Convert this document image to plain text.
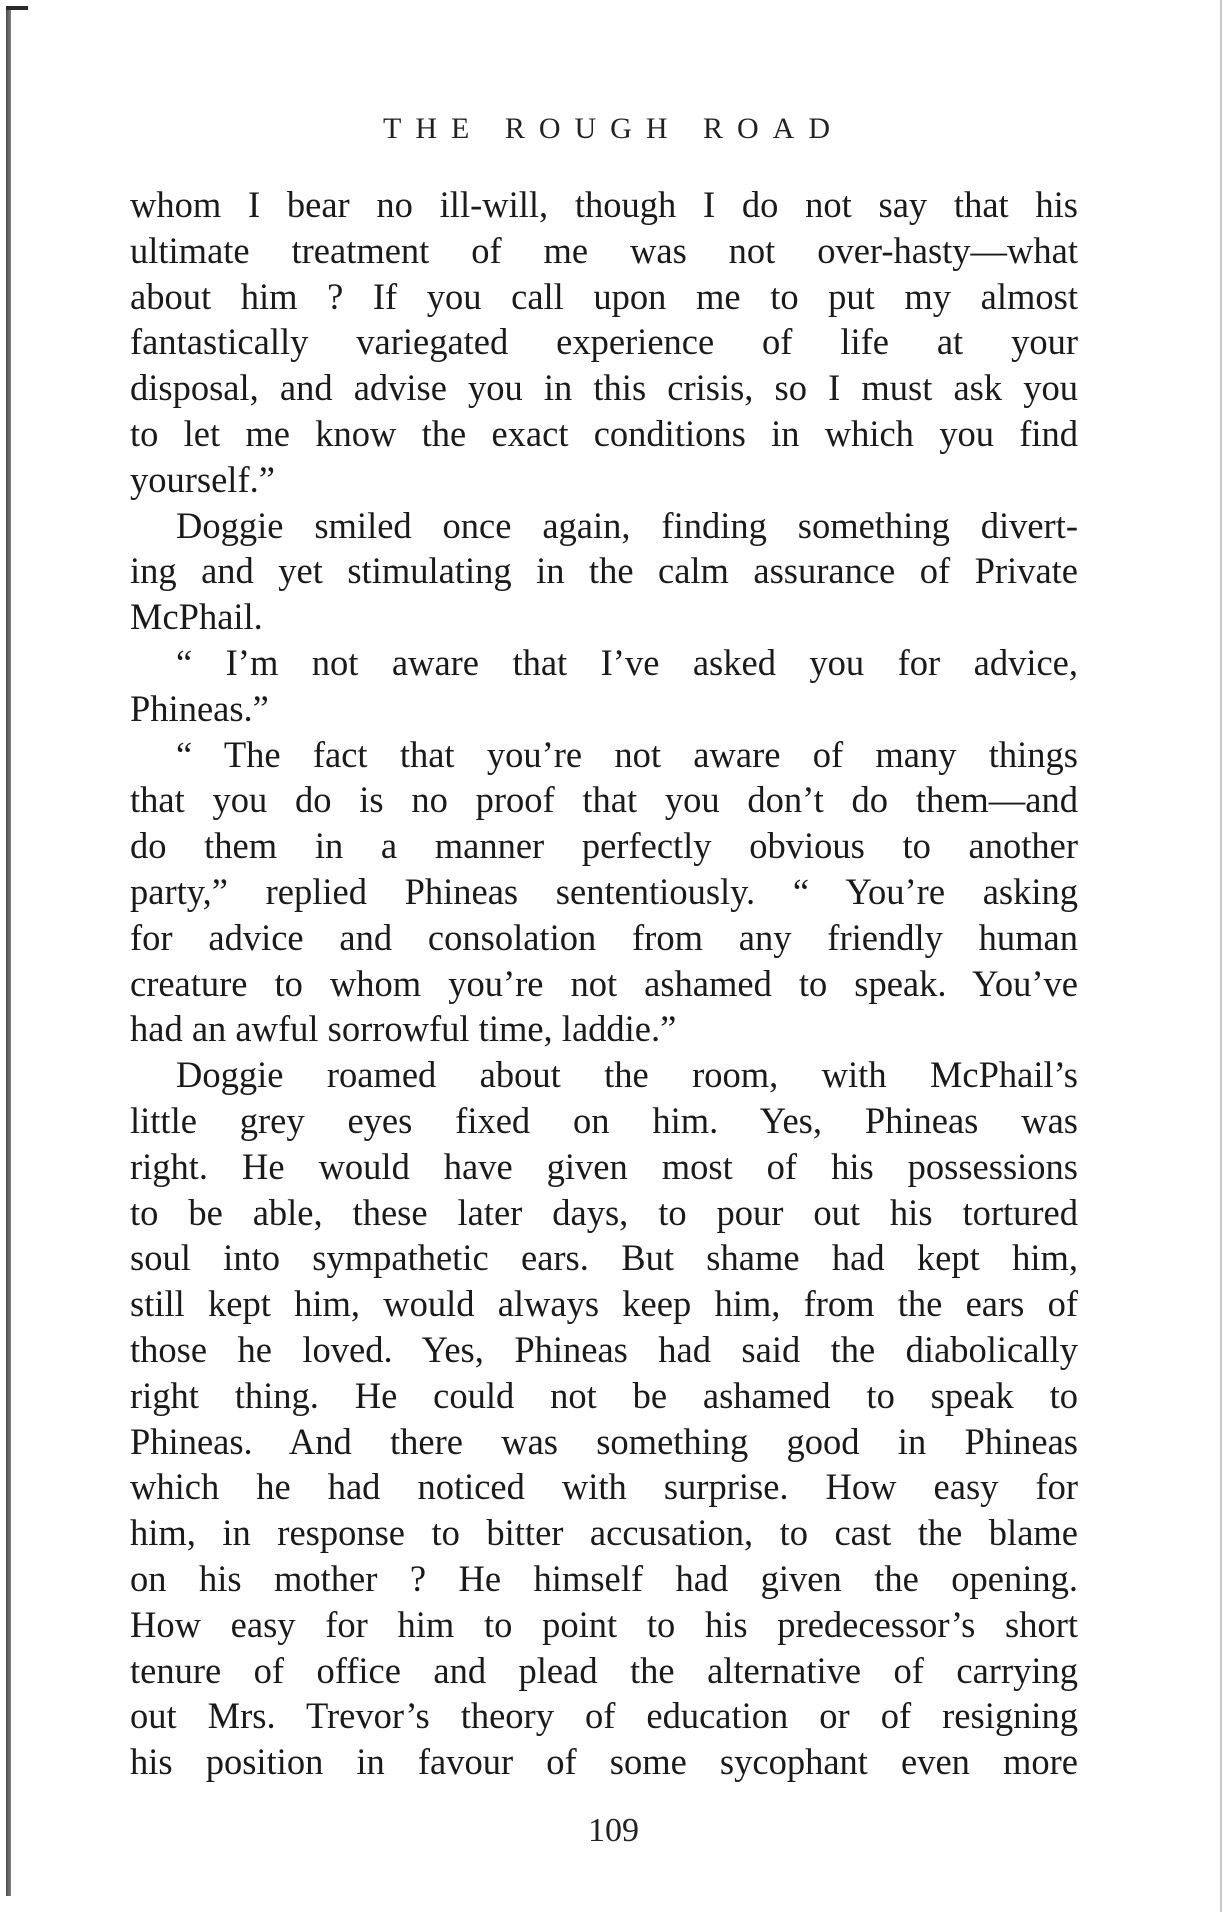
THE ROUGH ROAD
whom I bear no ill-will, though I do not say that his
ultimate treatment of me was not over-hasty—what
about him ? If you call upon me to put my almost
fantastically variegated experience of life at your
disposal, and advise you in this crisis, so I must ask you
to let me know the exact conditions in which you find
yourself.”
Doggie smiled once again, finding something divert-
ing and yet stimulating in the calm assurance of Private
McPhail.
“ I’m not aware that I’ve asked you for advice,
Phineas.”
“ The fact that you’re not aware of many things
that you do is no proof that you don’t do them—and
do them in a manner perfectly obvious to another
party,” replied Phineas sententiously. “ You’re asking
for advice and consolation from any friendly human
creature to whom you’re not ashamed to speak. You’ve
had an awful sorrowful time, laddie.”
Doggie roamed about the room, with McPhail’s
little grey eyes fixed on him. Yes, Phineas was
right. He would have given most of his possessions
to be able, these later days, to pour out his tortured
soul into sympathetic ears. But shame had kept him,
still kept him, would always keep him, from the ears of
those he loved. Yes, Phineas had said the diabolically
right thing. He could not be ashamed to speak to
Phineas. And there was something good in Phineas
which he had noticed with surprise. How easy for
him, in response to bitter accusation, to cast the blame
on his mother ? He himself had given the opening.
How easy for him to point to his predecessor’s short
tenure of office and plead the alternative of carrying
out Mrs. Trevor’s theory of education or of resigning
his position in favour of some sycophant even more
109
